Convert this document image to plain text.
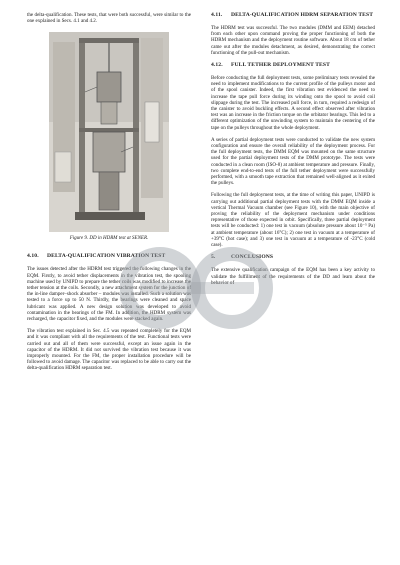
the delta-qualification. These tests, that were both successful, were similar to the one explained in Secs. 4.1 and 4.2.

Figure 9. DD in HDRM test at SENER.
4.10. DELTA-QUALIFICATION VIBRATION TEST

The issues detected after the HDRM test triggered the following changes in the EQM. Firstly, to avoid tether displacements in the vibration test, the spooling machine used by UNIPD to prepare the tether coils was modified to increase the tether tension at the coils. Secondly, a new attachment system for the junction of the in-line damper–shock absorber – modules was installed. Such a solution was tested to a force up to 50 N. Thirdly, the bearings were cleaned and space lubricant was applied. A new design solution was developed to avoid contamination in the bearings of the FM. In addition, the HDRM system was recharged, the capacitor fixed, and the modules were stacked again.

The vibration test explained in Sec. 4.5 was repeated completely for the EQM and it was compliant with all the requirements of the test. Functional tests were carried out and all of them were successful, except an issue again in the capacitor of the HDRM. It did not survived the vibration test because it was improperly mounted. For the FM, the proper installation procedure will be followed to avoid damage. The capacitor was replaced to be able to carry out the delta-qualification HDRM separation test.

4.11. DELTA-QUALIFICATION HDRM SEPARATION TEST

The HDRM test was successful. The two modules (DMM and EEM) detached from each other upon command proving the proper functioning of both the HDRM mechanism and the deployment routine software. About 18 cm of tether came out after the modules detachment, as desired, demonstrating the correct functioning of the pull-out mechanism.

4.12. FULL TETHER DEPLOYMENT TEST

Before conducting the full deployment tests, some preliminary tests revealed the need to implement modifications to the current profile of the pulleys motor and of the spool canister. Indeed, the first vibration test evidenced the need to increase the tape pull force during its winding onto the spool to avoid coil slippage during the test. The increased pull force, in turn, required a redesign of the canister to avoid buckling effects. A second effect observed after vibration test was an increase in the friction torque on the orbitator bearings. This led to a different optimization of the unwinding system to maintain the centering of the tape on the pulleys throughout the whole deployment.

A series of partial deployment tests were conducted to validate the new system configuration and ensure the overall reliability of the deployment process. For the full deployment tests, the DMM EQM was mounted on the same structure used for the partial deployment tests of the DMM prototype. The tests were conducted in a clean room (ISO-8) at ambient temperature and pressure. Finally, two complete end-to-end tests of the full tether deployment were successfully performed, with a smooth tape extraction that remained well-aligned as it exited the pulleys.

Following the full deployment tests, at the time of writing this paper, UNIPD is carrying out additional partial deployment tests with the DMM EQM inside a vertical Thermal Vacuum chamber (see Figure 10), with the main objective of proving the reliability of the deployment mechanism under conditions representative of those expected in orbit. Specifically, three partial deployment tests will be conducted: 1) one test in vacuum (absolute pressure about 10⁻⁵ Pa) at ambient temperature (about 16°C); 2) one test in vacuum at a temperature of +39°C (hot case); and 3) one test in vacuum at a temperature of -23°C (cold case).

5.	CONCLUSIONS

The extensive qualification campaign of the EQM has been a key activity to validate the fulfillment of the requirements of the DD and learn about the behavior of
